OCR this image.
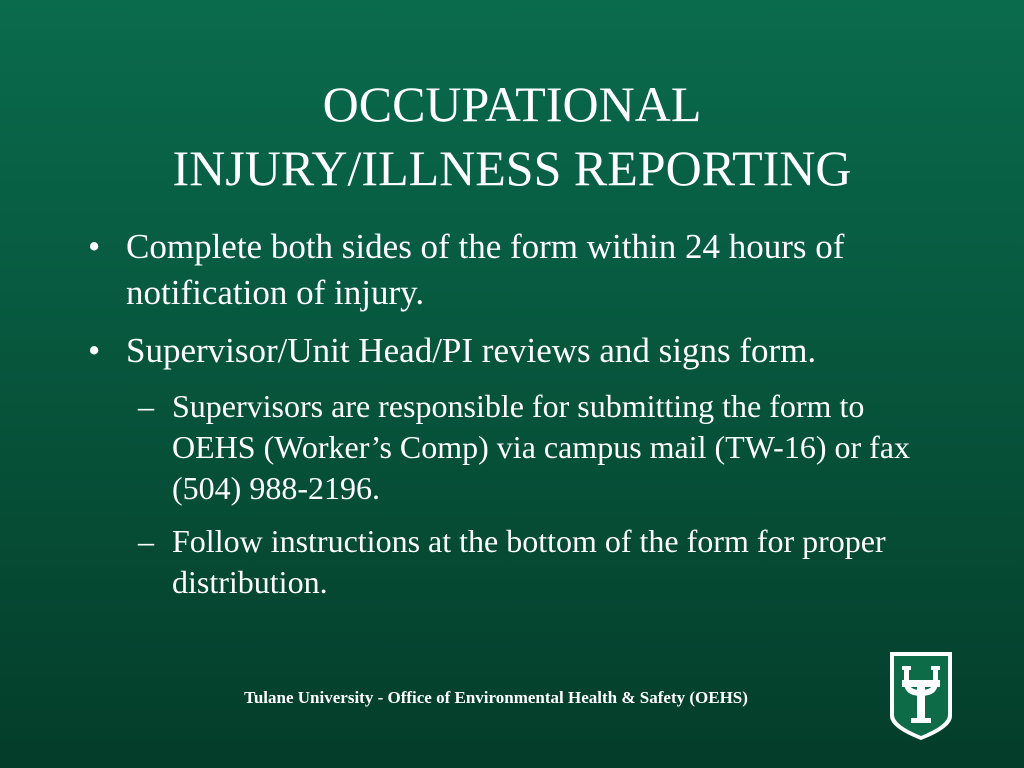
OCCUPATIONAL
INJURY/ILLNESS REPORTING
• Complete both sides of the form within 24 hours of notification of injury.
• Supervisor/Unit Head/PI reviews and signs form.
– Supervisors are responsible for submitting the form to OEHS (Worker’s Comp) via campus mail (TW-16) or fax (504) 988-2196.
– Follow instructions at the bottom of the form for proper distribution.
Tulane University - Office of Environmental Health & Safety (OEHS)
